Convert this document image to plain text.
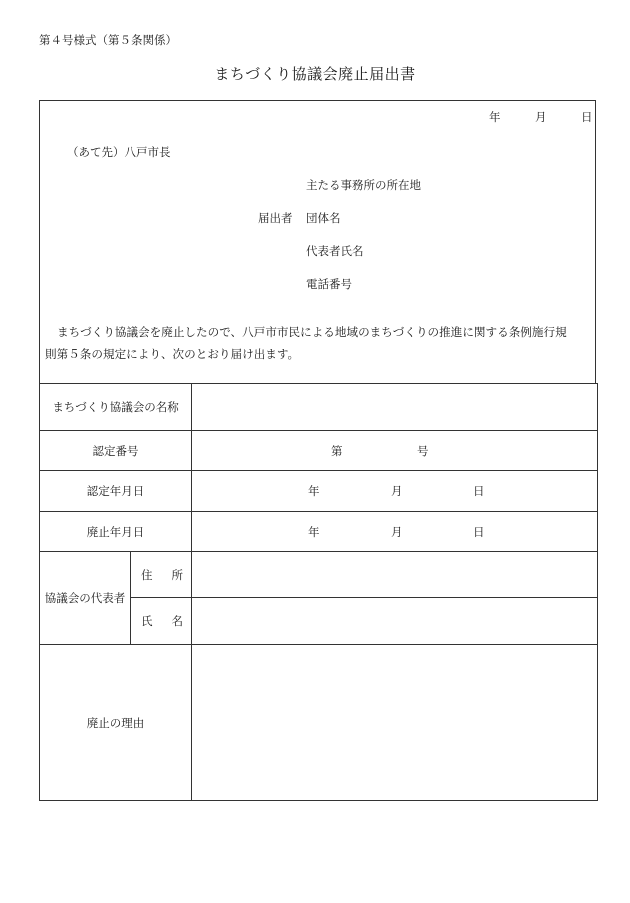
第４号様式（第５条関係）
まちづくり協議会廃止届出書
年	月	日
（あて先）八戸市長
主たる事務所の所在地
届出者 団体名
代表者氏名
電話番号
まちづくり協議会を廃止したので、八戸市市民による地域のまちづくりの推進に関する条例施行規
則第５条の規定により、次のとおり届け出ます。
まちづくり協議会の名称		
認定番号		第 号

認定年月日		年 月 日

廃止年月日		年 月 日

協議会の代表者	住 所	

	氏 名	

廃止の理由		
